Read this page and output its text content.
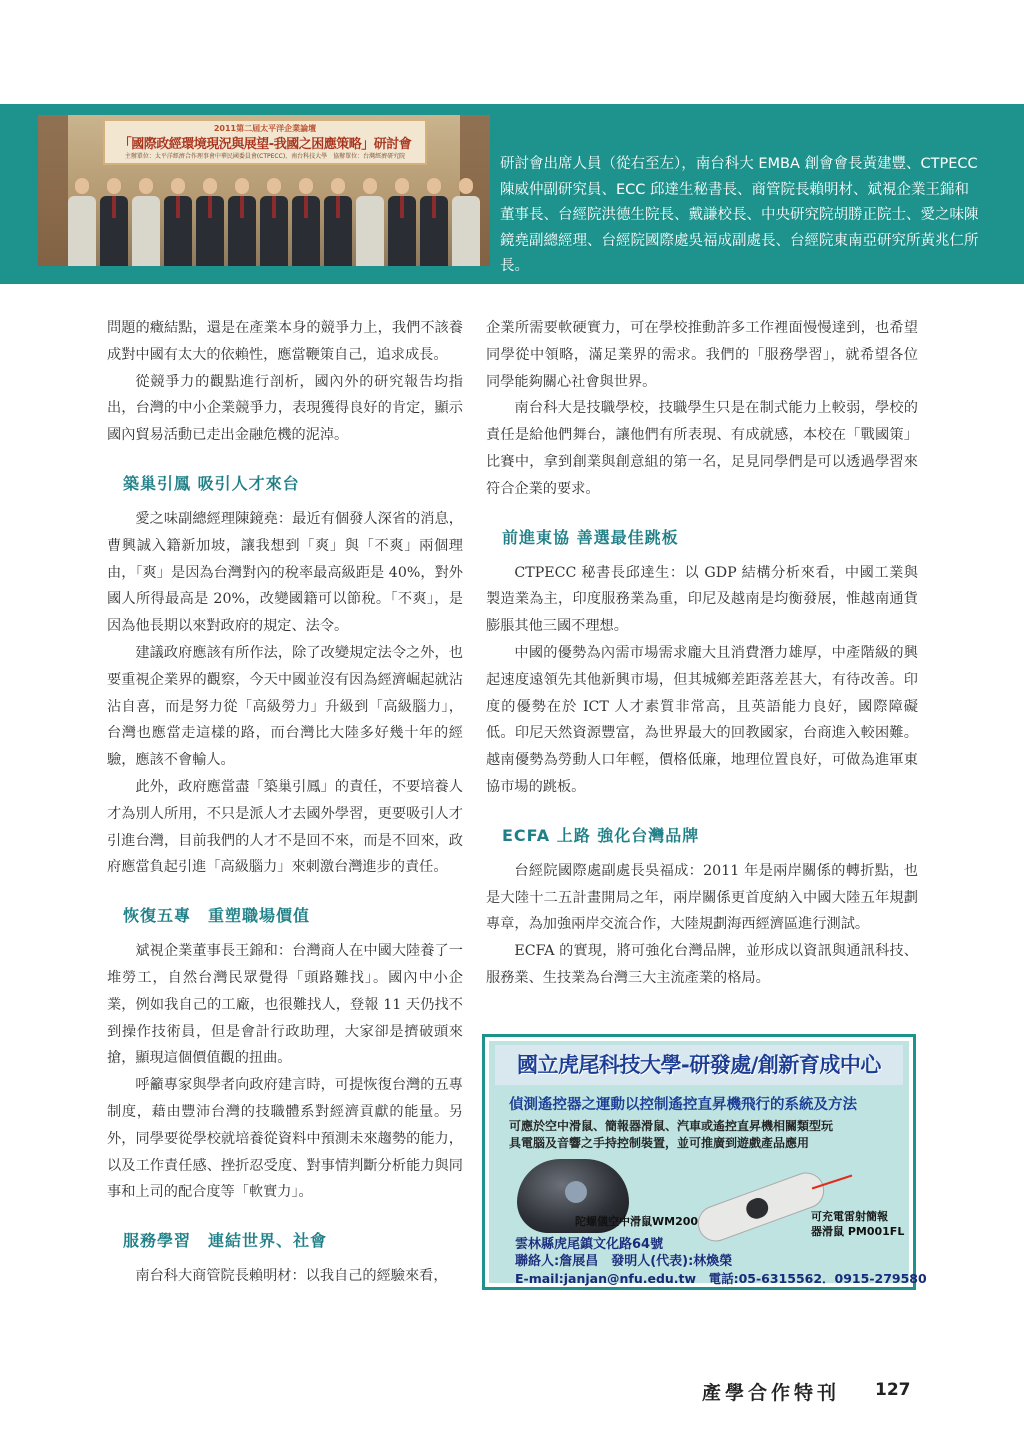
2011第二屆太平洋企業論壇
「國際政經環境現況與展望-我國之困應策略」研討會
主辦單位：太平洋經濟合作理事會中華民國委員會(CTPECC)、南台科技大學　協辦單位：台灣經濟研究院	研討會出席人員（從右至左），南台科大 EMBA 創會會長黃建豐、CTPECC 陳威仲副研究員、ECC 邱達生秘書長、商管院長賴明材、斌視企業王錦和董事長、台經院洪德生院長、戴謙校長、中央研究院胡勝正院士、愛之味陳鏡堯副總經理、台經院國際處吳福成副處長、台經院東南亞研究所黃兆仁所長。

問題的癥結點，還是在產業本身的競爭力上，我們不該養成對中國有太大的依賴性，應當鞭策自己，追求成長。

從競爭力的觀點進行剖析，國內外的研究報告均指出，台灣的中小企業競爭力，表現獲得良好的肯定，顯示國內貿易活動已走出金融危機的泥淖。

築巢引鳳 吸引人才來台

愛之味副總經理陳鏡堯：最近有個發人深省的消息，曹興誠入籍新加坡，讓我想到「爽」與「不爽」兩個理由，「爽」是因為台灣對內的稅率最高級距是 40%，對外國人所得最高是 20%，改變國籍可以節稅。「不爽」，是因為他長期以來對政府的規定、法令。

建議政府應該有所作法，除了改變規定法令之外，也要重視企業界的觀察，今天中國並沒有因為經濟崛起就沾沾自喜，而是努力從「高級勞力」升級到「高級腦力」，台灣也應當走這樣的路，而台灣比大陸多好幾十年的經驗，應該不會輸人。

此外，政府應當盡「築巢引鳳」的責任，不要培養人才為別人所用，不只是派人才去國外學習，更要吸引人才引進台灣，目前我們的人才不是回不來，而是不回來，政府應當負起引進「高級腦力」來刺激台灣進步的責任。

恢復五專　重塑職場價值

斌視企業董事長王錦和：台灣商人在中國大陸養了一堆勞工，自然台灣民眾覺得「頭路難找」。國內中小企業，例如我自己的工廠，也很難找人，登報 11 天仍找不到操作技術員，但是會計行政助理，大家卻是擠破頭來搶，顯現這個價值觀的扭曲。

呼籲專家與學者向政府建言時，可提恢復台灣的五專制度，藉由豐沛台灣的技職體系對經濟貢獻的能量。另外，同學要從學校就培養從資料中預測未來趨勢的能力，以及工作責任感、挫折忍受度、對事情判斷分析能力與同事和上司的配合度等「軟實力」。

服務學習　連結世界、社會

南台科大商管院長賴明材：以我自己的經驗來看，

企業所需要軟硬實力，可在學校推動許多工作裡面慢慢達到，也希望同學從中領略，滿足業界的需求。我們的「服務學習」，就希望各位同學能夠關心社會與世界。

南台科大是技職學校，技職學生只是在制式能力上較弱，學校的責任是給他們舞台，讓他們有所表現、有成就感，本校在「戰國策」比賽中，拿到創業與創意組的第一名，足見同學們是可以透過學習來符合企業的要求。

前進東協 善選最佳跳板

CTPECC 秘書長邱達生：以 GDP 結構分析來看，中國工業與製造業為主，印度服務業為重，印尼及越南是均衡發展，惟越南通貨膨脹其他三國不理想。

中國的優勢為內需市場需求龐大且消費潛力雄厚，中產階級的興起速度遠領先其他新興市場，但其城鄉差距落差甚大，有待改善。印度的優勢在於 ICT 人才素質非常高，且英語能力良好，國際障礙低。印尼天然資源豐富，為世界最大的回教國家，台商進入較困難。越南優勢為勞動人口年輕，價格低廉，地理位置良好，可做為進軍東協市場的跳板。

ECFA 上路 強化台灣品牌

台經院國際處副處長吳福成：2011 年是兩岸關係的轉折點，也是大陸十二五計畫開局之年，兩岸關係更首度納入中國大陸五年規劃專章，為加強兩岸交流合作，大陸規劃海西經濟區進行測試。

ECFA 的實現，將可強化台灣品牌，並形成以資訊與通訊科技、服務業、生技業為台灣三大主流產業的格局。

國立虎尾科技大學-研發處/創新育成中心
偵測遙控器之運動以控制遙控直昇機飛行的系統及方法

可應於空中滑鼠、簡報器滑鼠、汽車或遙控直昇機相關類型玩
具電腦及音響之手持控制裝置，並可推廣到遊戲產品應用

陀螺儀空中滑鼠WM200	可充電雷射簡報
器滑鼠 PM001FL

雲林縣虎尾鎮文化路64號
聯絡人:詹展昌　發明人(代表):林煥榮
E-mail:janjan@nfu.edu.tw　電話:05-6315562．0915-279580

產學合作特刊 127
